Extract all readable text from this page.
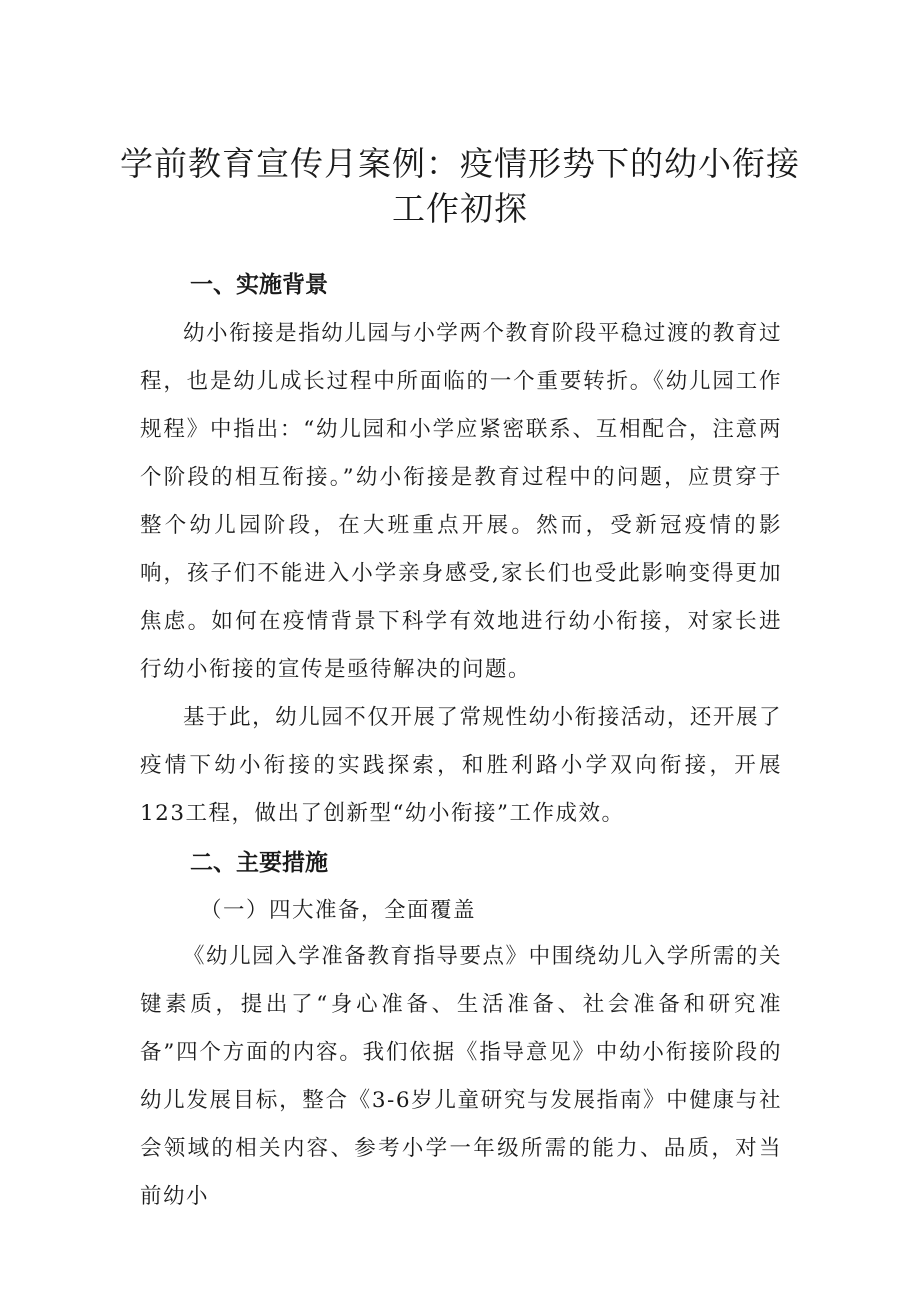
学前教育宣传月案例：疫情形势下的幼小衔接
工作初探
一、实施背景

幼小衔接是指幼儿园与小学两个教育阶段平稳过渡的教育过程，也是幼儿成长过程中所面临的一个重要转折。《幼儿园工作规程》中指出：“幼儿园和小学应紧密联系、互相配合，注意两个阶段的相互衔接。”幼小衔接是教育过程中的问题，应贯穿于整个幼儿园阶段，在大班重点开展。然而，受新冠疫情的影响，孩子们不能进入小学亲身感受,家长们也受此影响变得更加焦虑。如何在疫情背景下科学有效地进行幼小衔接，对家长进行幼小衔接的宣传是亟待解决的问题。

基于此，幼儿园不仅开展了常规性幼小衔接活动，还开展了疫情下幼小衔接的实践探索，和胜利路小学双向衔接，开展123工程，做出了创新型“幼小衔接”工作成效。

二、主要措施

（一）四大准备，全面覆盖

《幼儿园入学准备教育指导要点》中围绕幼儿入学所需的关键素质，提出了“身心准备、生活准备、社会准备和研究准备”四个方面的内容。我们依据《指导意见》中幼小衔接阶段的幼儿发展目标，整合《3-6岁儿童研究与发展指南》中健康与社会领域的相关内容、参考小学一年级所需的能力、品质，对当前幼小
